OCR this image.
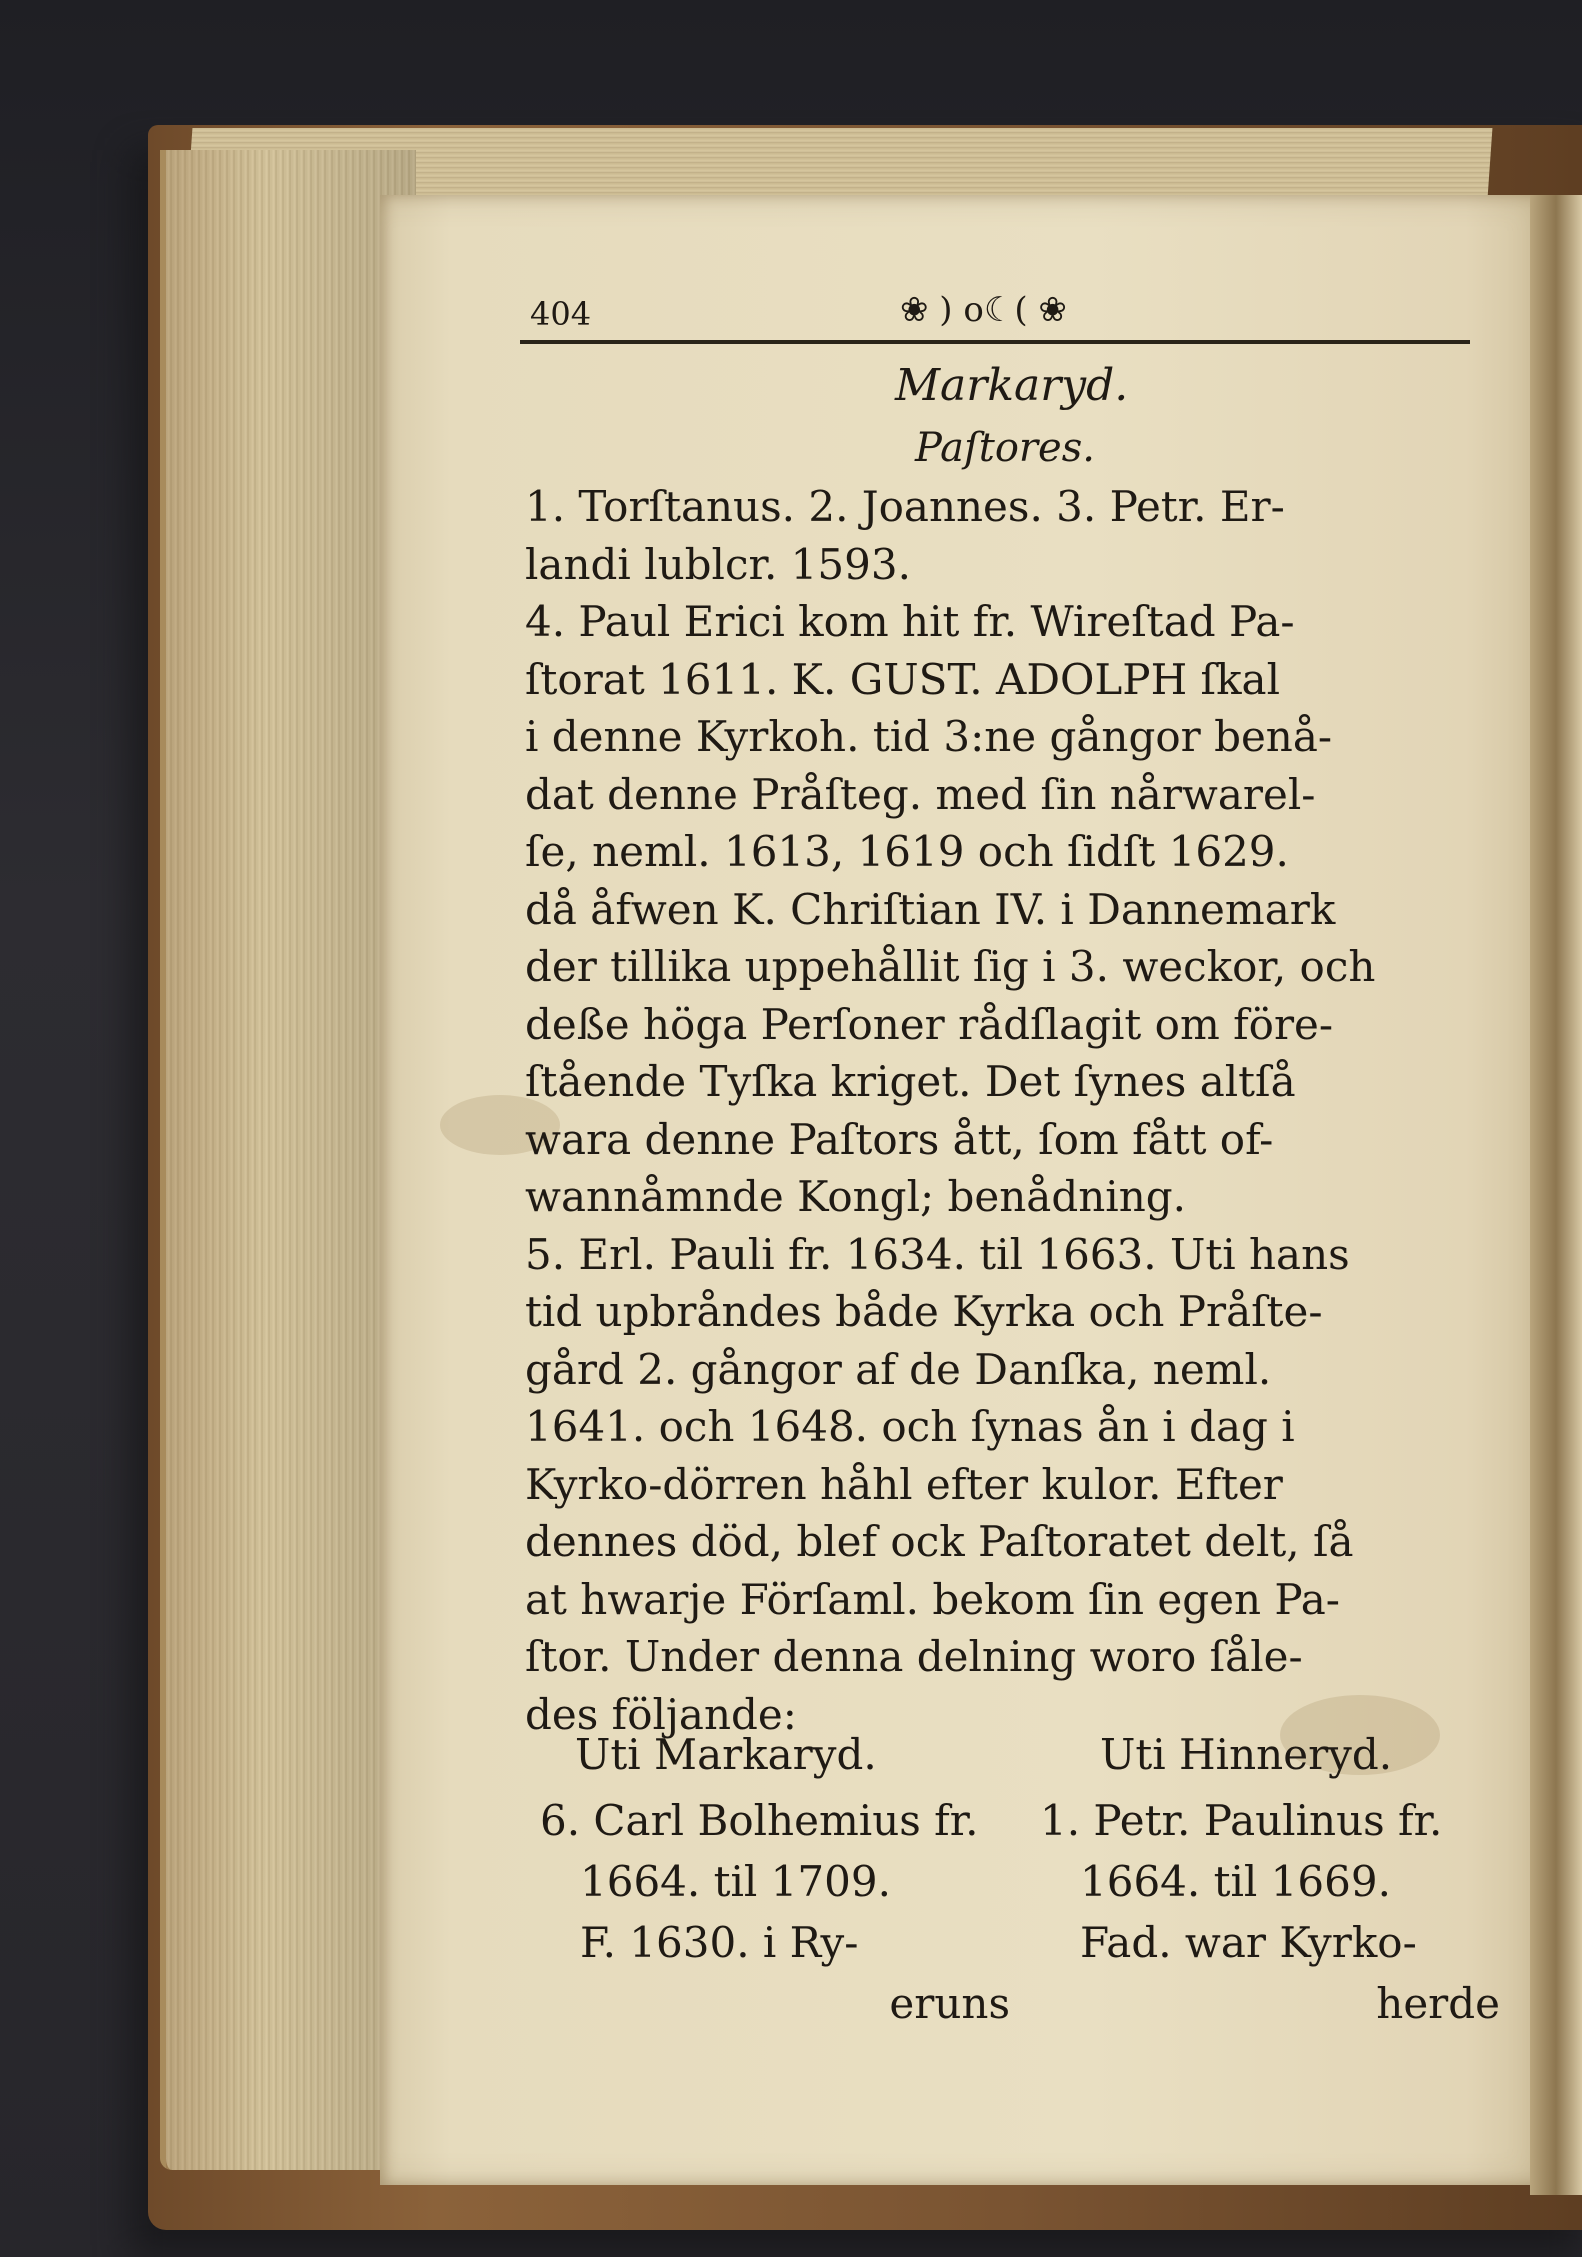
404	❀ ) o☾( ❀
Markaryd.
Paſtores.
1. Torſtanus. 2. Joannes. 3. Petr. Er-
landi lublcr. 1593.
4. Paul Erici kom hit fr. Wireſtad Pa-
ſtorat 1611. K. GUST. ADOLPH ſkal
i denne Kyrkoh. tid 3:ne gångor benå-
dat denne Pråſteg. med ſin nårwarel-
ſe, neml. 1613, 1619 och ſidſt 1629.
då åfwen K. Chriſtian IV. i Dannemark
der tillika uppehållit ſig i 3. weckor, och
deße höga Perſoner rådſlagit om före-
ſtående Tyſka kriget. Det ſynes altſå
wara denne Paſtors ått, ſom fått of-
wannåmnde Kongl; benådning.
5. Erl. Pauli fr. 1634. til 1663. Uti hans
tid upbråndes både Kyrka och Pråſte-
gård 2. gångor af de Danſka, neml.
1641. och 1648. och ſynas ån i dag i
Kyrko-dörren håhl efter kulor. Efter
dennes död, blef ock Paſtoratet delt, ſå
at hwarje Förſaml. bekom ſin egen Pa-
ſtor. Under denna delning woro ſåle-
des följande:
Uti Markaryd.	Uti Hinneryd.
6. Carl Bolhemius fr.
1664. til 1709.
F. 1630. i Ry-
eruns
1. Petr. Paulinus fr.
1664. til 1669.
Fad. war Kyrko-
herde
